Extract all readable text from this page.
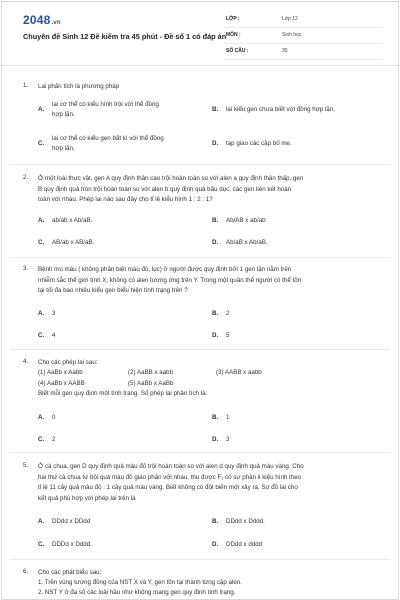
2048.vn
Chuyên đề Sinh 12 Đề kiểm tra 45 phút - Đề số 1 có đáp án
LỚP :	Lớp 12
MÔN :	Sinh học
SỐ CÂU :	30
1. Lai phân tích là phương pháp
A.
lai cơ thể có kiểu hình trội với thể đồng
hợp lặn.
B. lai kiểu gen chưa biết với đồng hợp lặn.
C.
lai cơ thể có kiểu gen bất kì với thể đồng
hợp lặn.
D. tạp giao các cặp bố mẹ.
2. Ở một loài thực vật, gen A quy định thân cao trội hoàn toàn so với alen a quy định thân thấp, gen
B quy định quả tròn trội hoàn toàn so với alen b quy định quả bầu dục; các gen liên kết hoàn
toàn với nhau. Phép lai nào sau đây cho tỉ lệ kiểu hình 1 : 2 : 1?
A. ab/ab x Ab/aB.	B. Ab/AB x ab/ab
C. AB/ab x AB/aB.	D. Ab/aB x Ab/aB.
3. Bệnh mù màu ( không phân biệt màu đỏ, lục) ở người được quy định bởi 1 gen lặn nằm trên
nhiễm sắc thể giới tính X, không có alen tương ứng trên Y. Trong một quần thể người có thể tồn
tại tối đa bao nhiêu kiểu gen biểu hiện tính trạng trên ?
A. 3	B. 2
C. 4	D. 5
4. Cho các phép lai sau:
(1) AaBb x Aabb	(2) AaBB x aabb	(3) AABB x aabb
(4) AaBb x AABB	(5) AaBb x AaBb
Biết mỗi gen quy định một tính trạng. Số phép lai phân tích là:
A. 0	B. 1
C. 2	D. 3
5. Ở cà chua, gen D quy định quả màu đỏ trội hoàn toàn so với alen d quy định quả màu vàng. Cho
hai thứ cà chua tứ bội quả màu đỏ giao phấn với nhau, thu được F₁ có sự phân li kiểu hình theo
tỉ lệ 11 cây quả màu đỏ : 1 cây quả màu vàng. Biết không có đột biến mới xảy ra. Sơ đồ lai cho
kết quả phù hợp với phép lai trên là
A. DDdd x DDdd	B. DDdd x Dddd.
C. DDDd x Dddd.	D. DDdd x dddd
6. Cho các phát biểu sau:
1. Trên vùng tương đồng của NST X và Y, gen tồn tại thành từng cặp alen.
2. NST Y ở đa số các loài hầu như không mang gen quy định tính trạng.
